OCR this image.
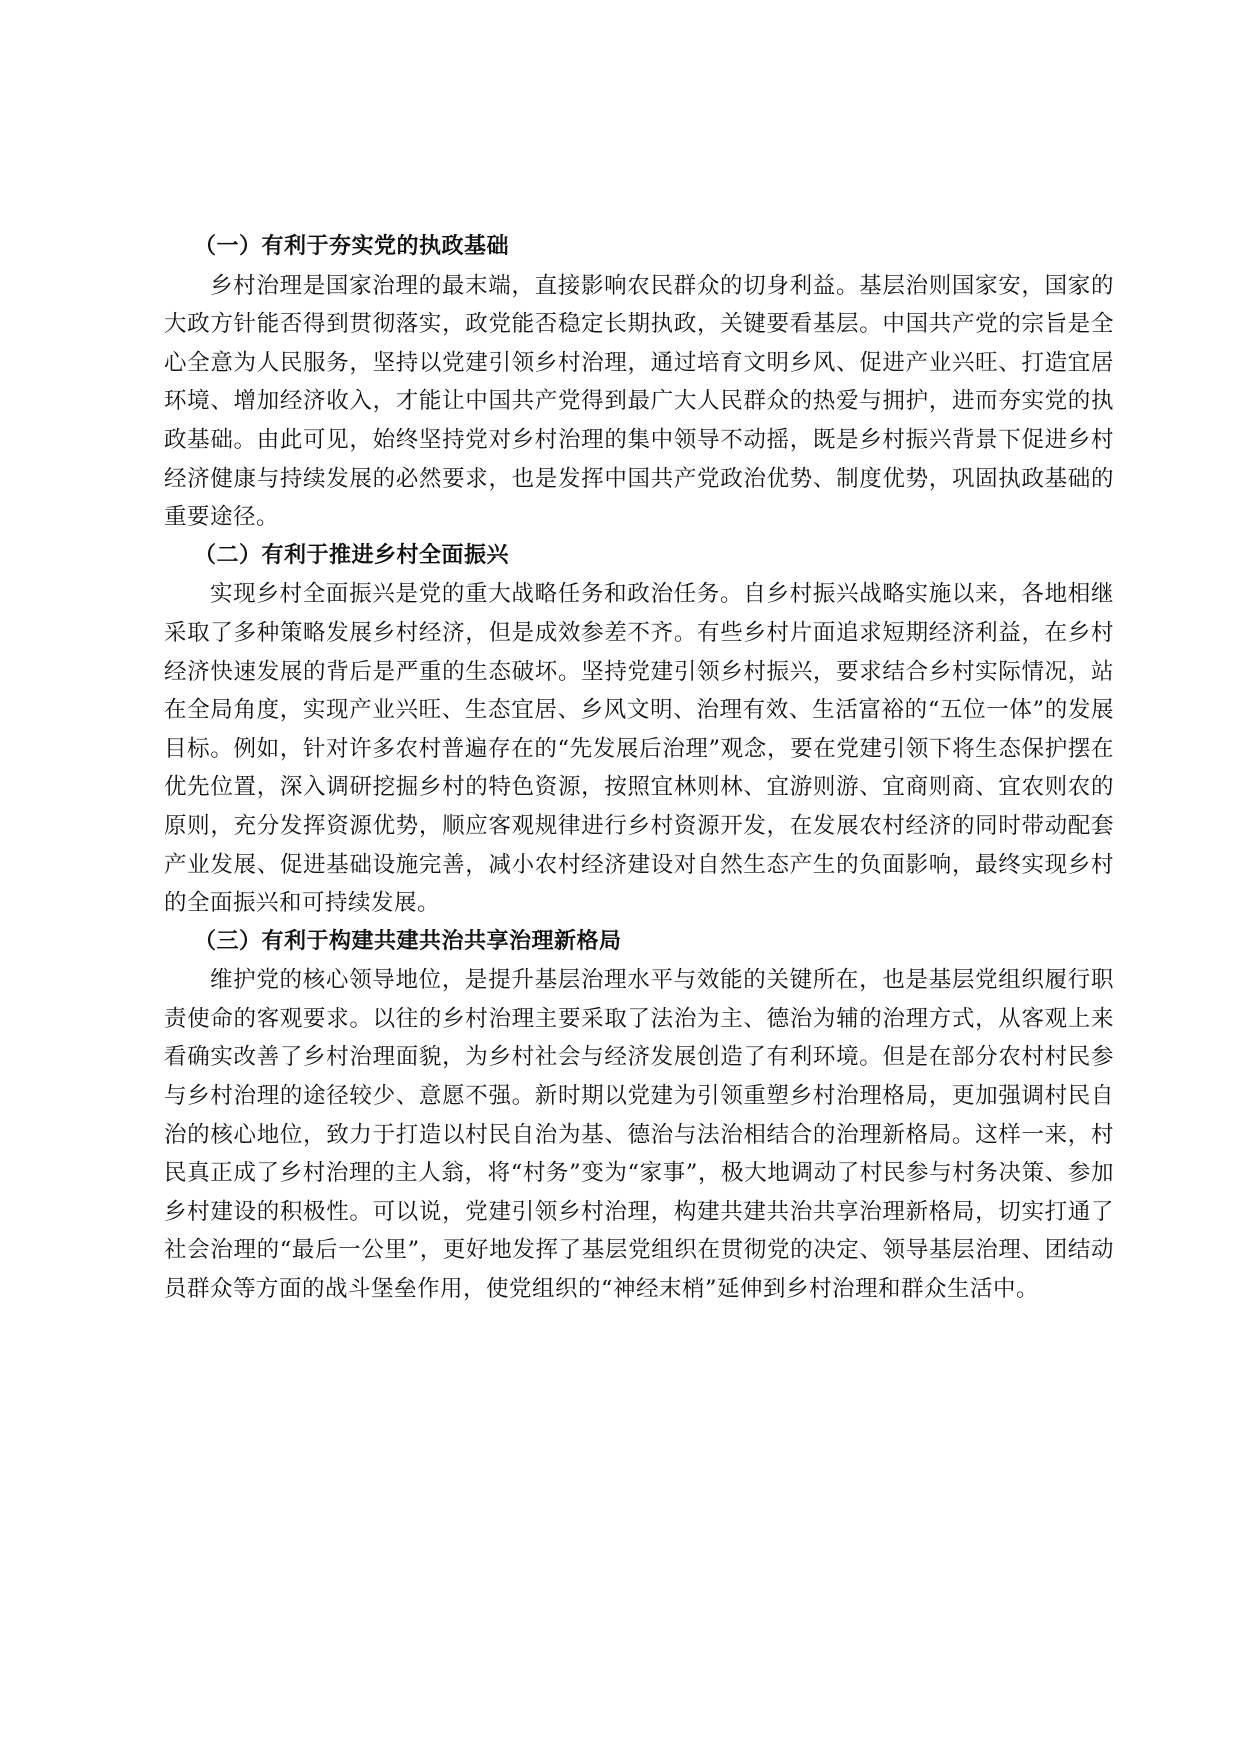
（一）有利于夯实党的执政基础

乡村治理是国家治理的最末端，直接影响农民群众的切身利益。基层治则国家安，国家的大政方针能否得到贯彻落实，政党能否稳定长期执政，关键要看基层。中国共产党的宗旨是全心全意为人民服务，坚持以党建引领乡村治理，通过培育文明乡风、促进产业兴旺、打造宜居环境、增加经济收入，才能让中国共产党得到最广大人民群众的热爱与拥护，进而夯实党的执政基础。由此可见，始终坚持党对乡村治理的集中领导不动摇，既是乡村振兴背景下促进乡村经济健康与持续发展的必然要求，也是发挥中国共产党政治优势、制度优势，巩固执政基础的重要途径。

（二）有利于推进乡村全面振兴

实现乡村全面振兴是党的重大战略任务和政治任务。自乡村振兴战略实施以来，各地相继采取了多种策略发展乡村经济，但是成效参差不齐。有些乡村片面追求短期经济利益，在乡村经济快速发展的背后是严重的生态破坏。坚持党建引领乡村振兴，要求结合乡村实际情况，站在全局角度，实现产业兴旺、生态宜居、乡风文明、治理有效、生活富裕的“五位一体”的发展目标。例如，针对许多农村普遍存在的“先发展后治理”观念，要在党建引领下将生态保护摆在优先位置，深入调研挖掘乡村的特色资源，按照宜林则林、宜游则游、宜商则商、宜农则农的原则，充分发挥资源优势，顺应客观规律进行乡村资源开发，在发展农村经济的同时带动配套产业发展、促进基础设施完善，减小农村经济建设对自然生态产生的负面影响，最终实现乡村的全面振兴和可持续发展。

（三）有利于构建共建共治共享治理新格局

维护党的核心领导地位，是提升基层治理水平与效能的关键所在，也是基层党组织履行职责使命的客观要求。以往的乡村治理主要采取了法治为主、德治为辅的治理方式，从客观上来看确实改善了乡村治理面貌，为乡村社会与经济发展创造了有利环境。但是在部分农村村民参与乡村治理的途径较少、意愿不强。新时期以党建为引领重塑乡村治理格局，更加强调村民自治的核心地位，致力于打造以村民自治为基、德治与法治相结合的治理新格局。这样一来，村民真正成了乡村治理的主人翁，将“村务”变为“家事”，极大地调动了村民参与村务决策、参加乡村建设的积极性。可以说，党建引领乡村治理，构建共建共治共享治理新格局，切实打通了社会治理的“最后一公里”，更好地发挥了基层党组织在贯彻党的决定、领导基层治理、团结动员群众等方面的战斗堡垒作用，使党组织的“神经末梢”延伸到乡村治理和群众生活中。
